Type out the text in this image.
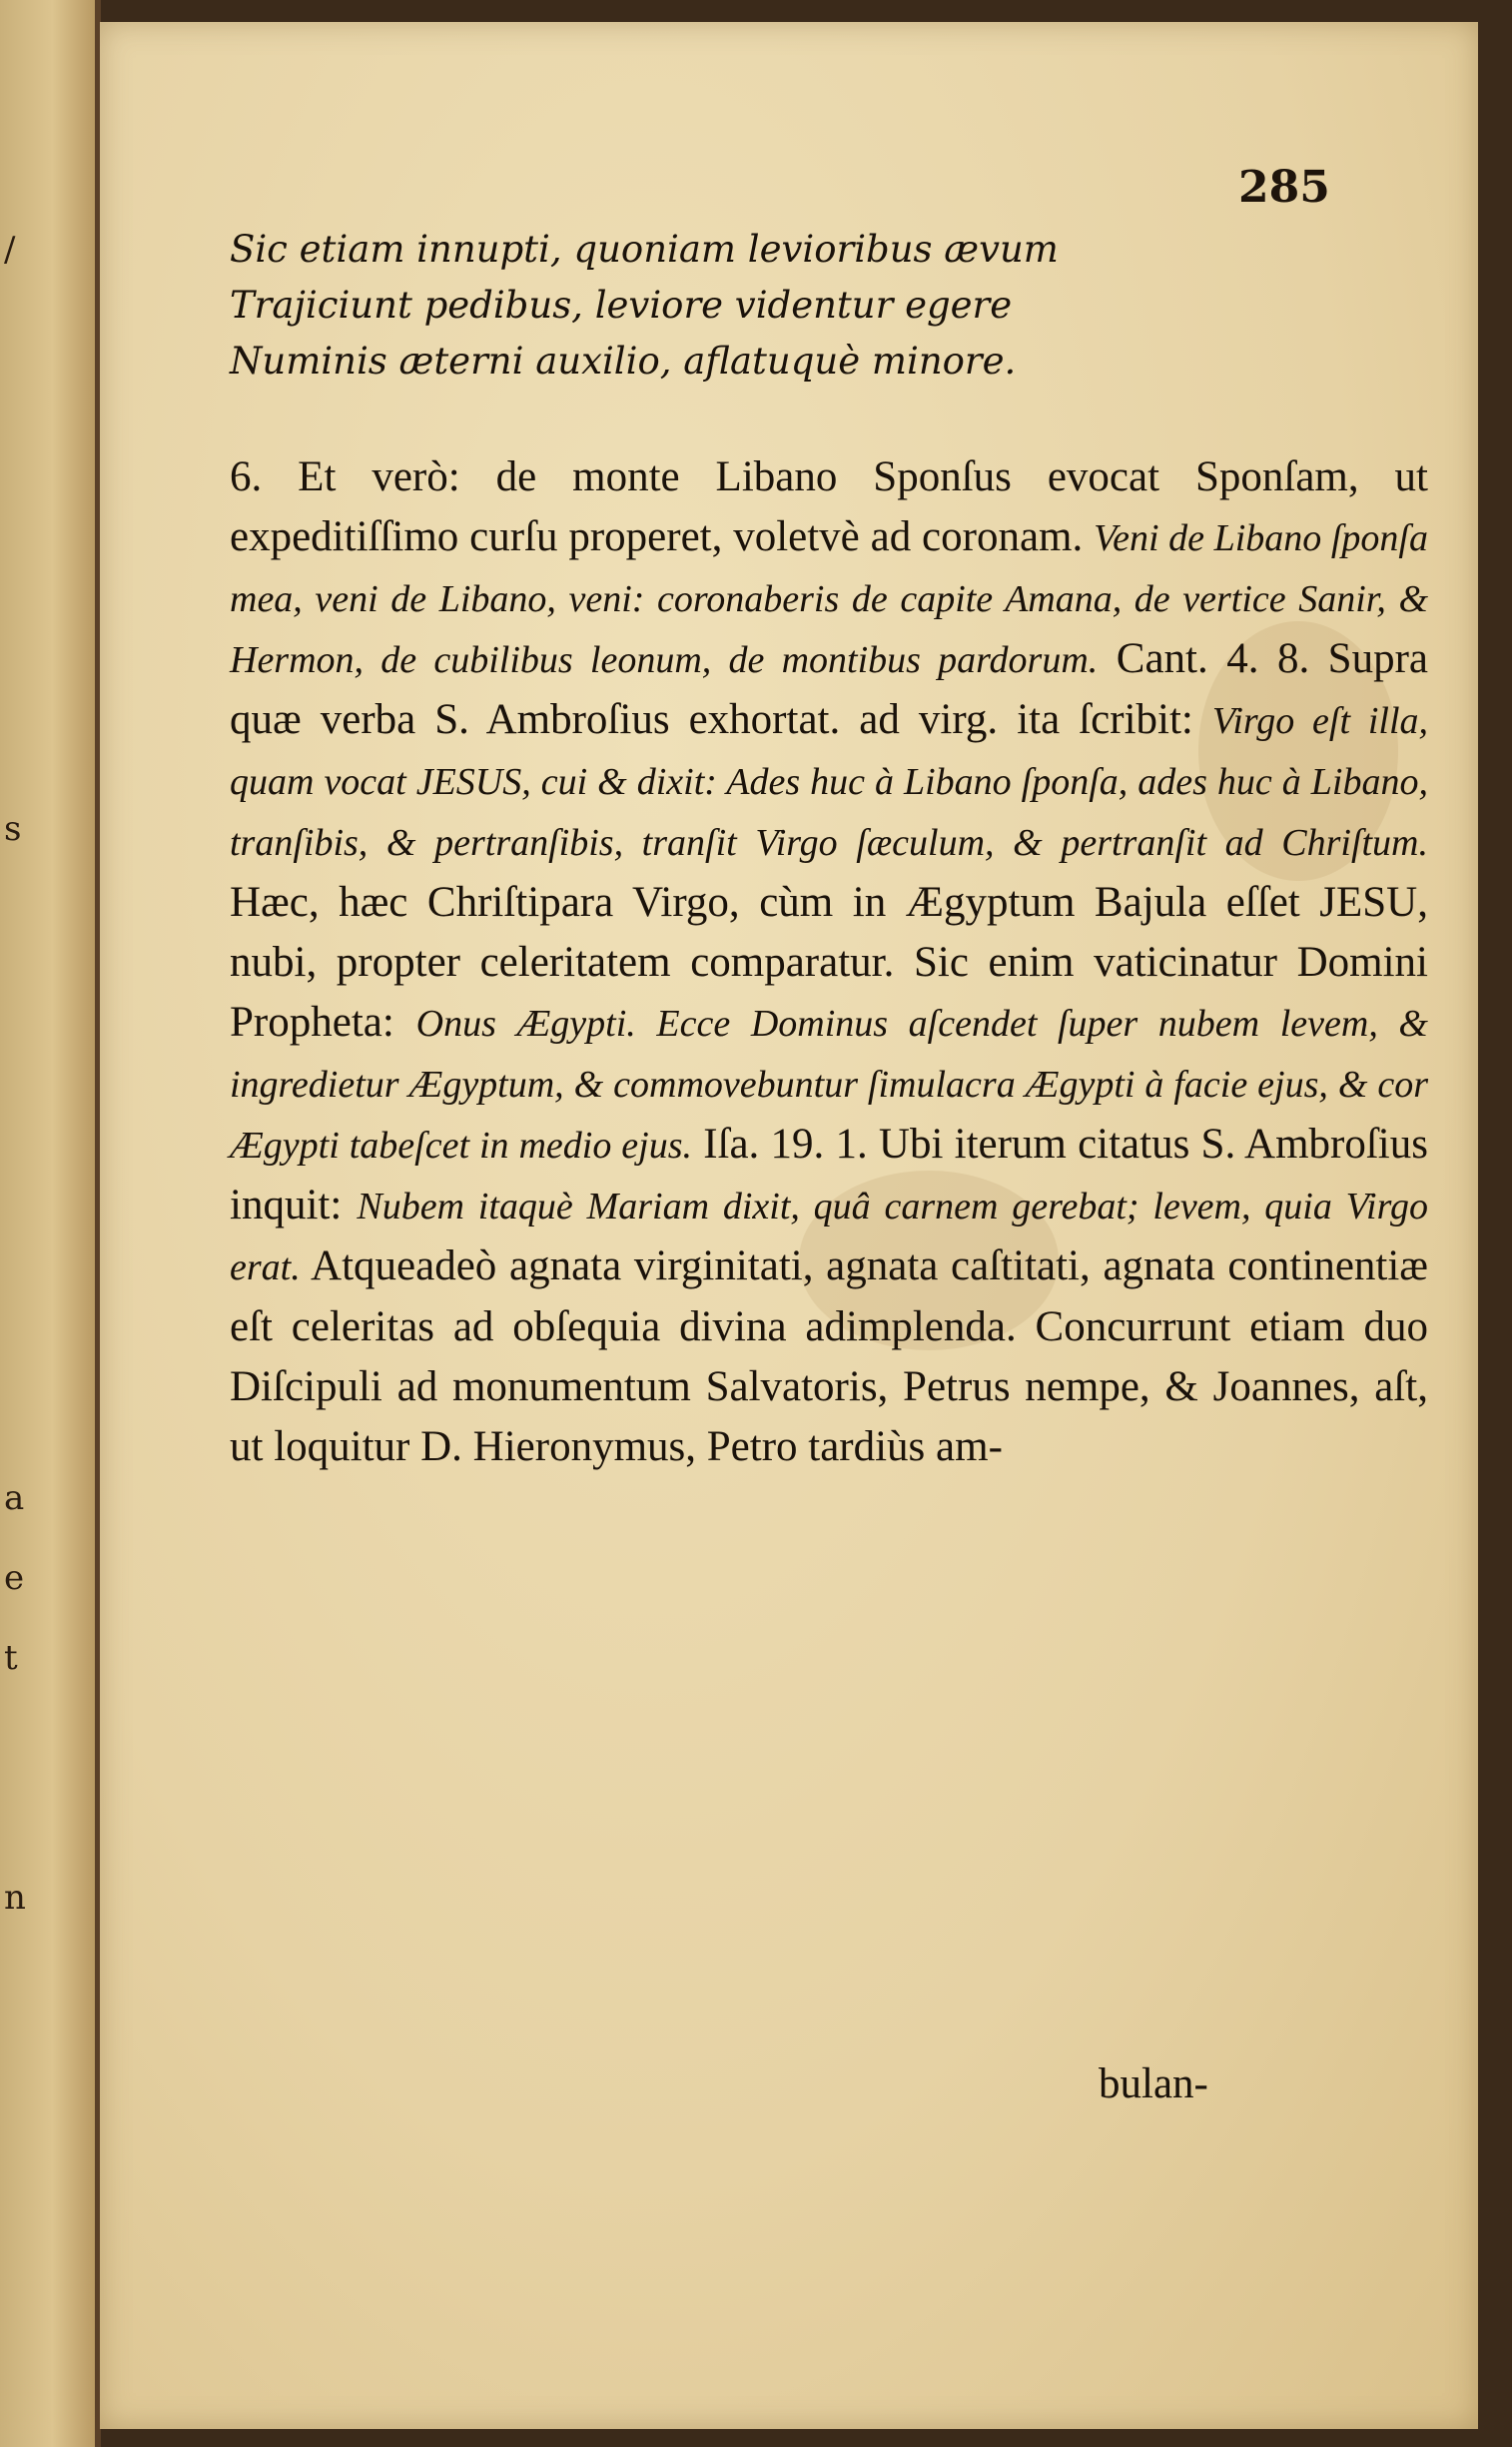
/
s
e
t
a
n
285
Sic etiam innupti, quoniam levioribus ævum
Trajiciunt pedibus, leviore videntur egere
Numinis æterni auxilio, aflatuquè minore.

6. Et verò: de monte Libano Sponſus evocat Sponſam, ut expeditiſſimo curſu properet, voletvè ad coronam. Veni de Libano ſponſa mea, veni de Libano, veni: coronaberis de capite Amana, de vertice Sanir, & Hermon, de cubilibus leonum, de montibus pardorum. Cant. 4. 8. Supra quæ verba S. Ambroſius exhortat. ad virg. ita ſcribit: Virgo eſt illa, quam vocat JESUS, cui & dixit: Ades huc à Libano ſponſa, ades huc à Libano, tranſibis, & pertranſibis, tranſit Virgo ſæculum, & pertranſit ad Chriſtum. Hæc, hæc Chriſtipara Virgo, cùm in Ægyptum Bajula eſſet JESU, nubi, propter celeritatem comparatur. Sic enim vaticinatur Domini Propheta: Onus Ægypti. Ecce Dominus aſcendet ſuper nubem levem, & ingredietur Ægyptum, & commovebuntur ſimulacra Ægypti à facie ejus, & cor Ægypti tabeſcet in medio ejus. Iſa. 19. 1. Ubi iterum citatus S. Ambroſius inquit: Nubem itaquè Mariam dixit, quâ carnem gerebat; levem, quia Virgo erat. Atqueadeò agnata virginitati, agnata caſtitati, agnata continentiæ eſt celeritas ad obſequia divina adimplenda. Concurrunt etiam duo Diſcipuli ad monumentum Salvatoris, Petrus nempe, & Joannes, aſt, ut loquitur D. Hieronymus, Petro tardiùs am-

bulan-
